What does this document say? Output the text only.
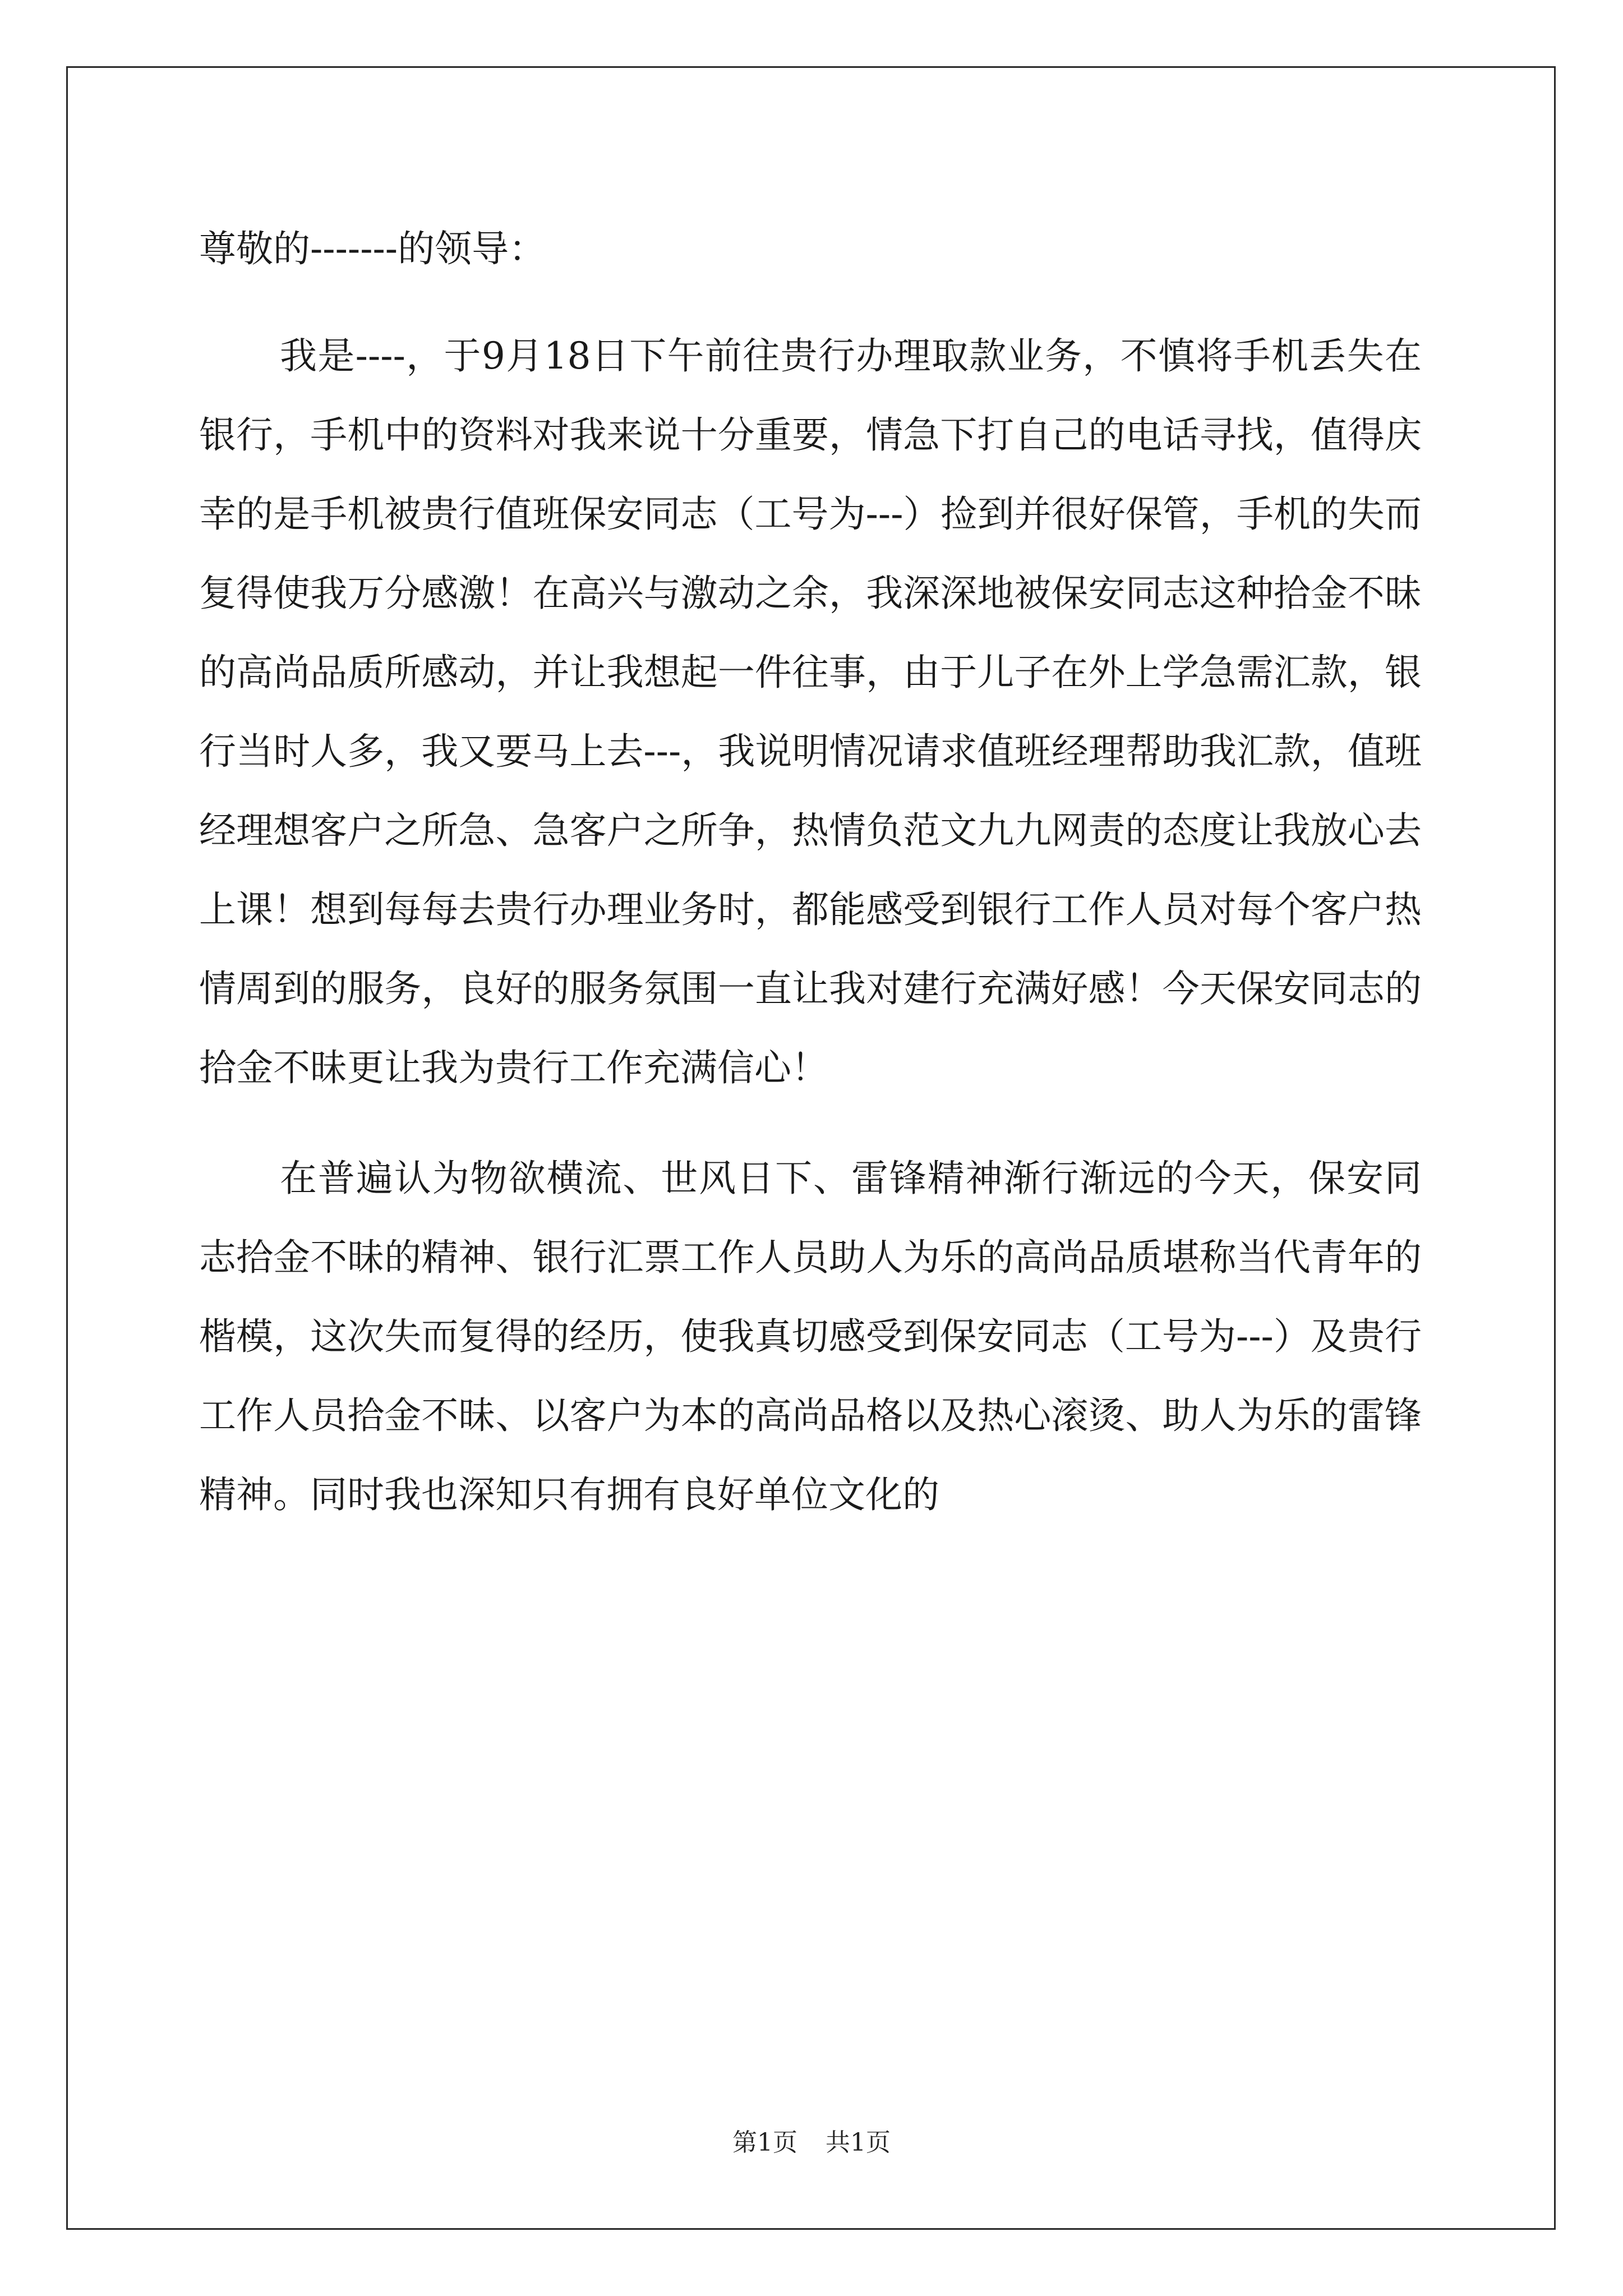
尊敬的-------的领导：

我是----，于9月18日下午前往贵行办理取款业务，不慎将手机丢失在银行，手机中的资料对我来说十分重要，情急下打自己的电话寻找，值得庆幸的是手机被贵行值班保安同志（工号为---）捡到并很好保管，手机的失而复得使我万分感激！在高兴与激动之余，我深深地被保安同志这种拾金不昧的高尚品质所感动，并让我想起一件往事，由于儿子在外上学急需汇款，银行当时人多，我又要马上去---，我说明情况请求值班经理帮助我汇款，值班经理想客户之所急、急客户之所争，热情负范文九九网责的态度让我放心去上课！想到每每去贵行办理业务时，都能感受到银行工作人员对每个客户热情周到的服务，良好的服务氛围一直让我对建行充满好感！今天保安同志的拾金不昧更让我为贵行工作充满信心！

在普遍认为物欲横流、世风日下、雷锋精神渐行渐远的今天，保安同志拾金不昧的精神、银行汇票工作人员助人为乐的高尚品质堪称当代青年的楷模，这次失而复得的经历，使我真切感受到保安同志（工号为---）及贵行工作人员拾金不昧、以客户为本的高尚品格以及热心滚烫、助人为乐的雷锋精神。同时我也深知只有拥有良好单位文化的

第1页 共1页
